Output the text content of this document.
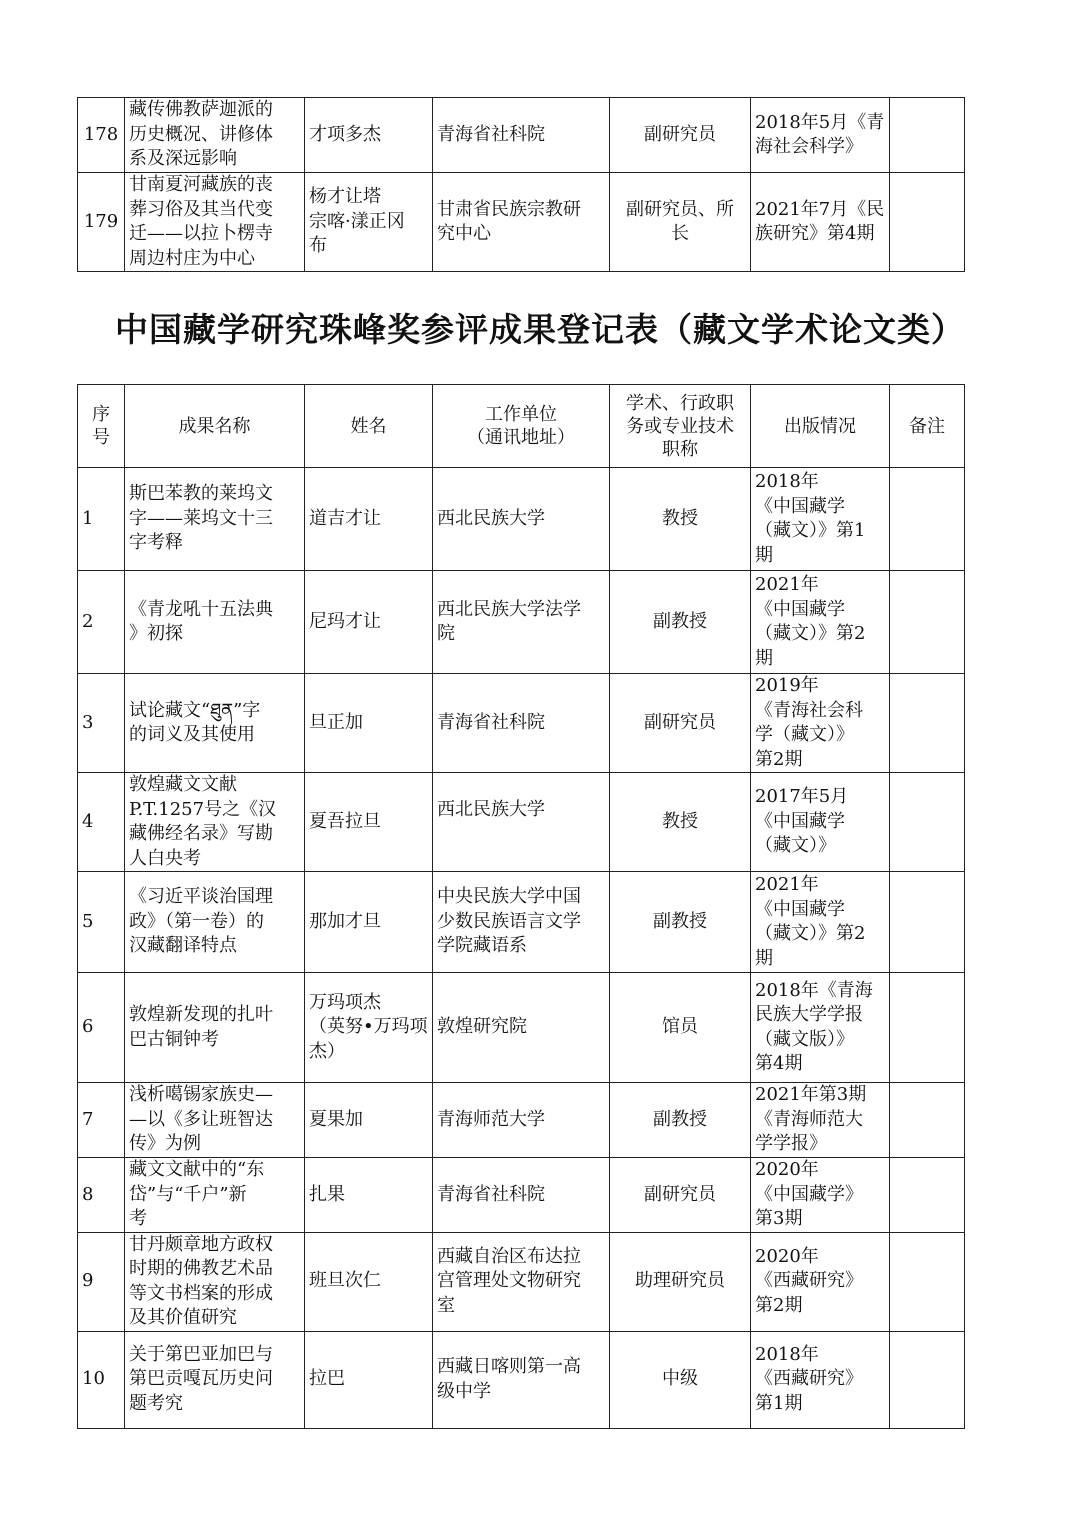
178	藏传佛教萨迦派的
历史概况、讲修体
系及深远影响	才项多杰	青海省社科院	副研究员	2018年5月《青
海社会科学》	
179	甘南夏河藏族的丧
葬习俗及其当代变
迁——以拉卜楞寺
周边村庄为中心	杨才让塔
宗喀·漾正冈
布	甘肃省民族宗教研
究中心	副研究员、所
长	2021年7月《民
族研究》第4期	
中国藏学研究珠峰奖参评成果登记表（藏文学术论文类）
序
号	成果名称	姓名	工作单位
（通讯地址）	学术、行政职
务或专业技术
职称	出版情况	备注
1	斯巴苯教的莱坞文
字——莱坞文十三
字考释	道吉才让	西北民族大学	教授	2018年
《中国藏学
（藏文）》第1
期	
2	《青龙吼十五法典
》初探	尼玛才让	西北民族大学法学
院	副教授	2021年
《中国藏学
（藏文）》第2
期	
3	试论藏文“ཐུན”字
的词义及其使用	旦正加	青海省社科院	副研究员	2019年
《青海社会科
学（藏文）》
第2期	
4	敦煌藏文文献
P.T.1257号之《汉
藏佛经名录》写勘
人白央考	夏吾拉旦	西北民族大学	教授	2017年5月
《中国藏学
（藏文）》

5	《习近平谈治国理
政》（第一卷）的
汉藏翻译特点	那加才旦	中央民族大学中国
少数民族语言文学
学院藏语系	副教授	2021年
《中国藏学
（藏文）》第2
期	
6	敦煌新发现的扎叶
巴古铜钟考	万玛项杰
（英努•万玛项
杰）	敦煌研究院	馆员	2018年《青海
民族大学学报
（藏文版）》
第4期	
7	浅析噶锡家族史—
—以《多让班智达
传》为例	夏果加	青海师范大学	副教授	2021年第3期
《青海师范大
学学报》	
8	藏文文献中的“东
岱”与“千户”新
考	扎果	青海省社科院	副研究员	2020年
《中国藏学》
第3期	
9	甘丹颇章地方政权
时期的佛教艺术品
等文书档案的形成
及其价值研究	班旦次仁	西藏自治区布达拉
宫管理处文物研究
室	助理研究员	2020年
《西藏研究》
第2期	
10	关于第巴亚加巴与
第巴贡嘎瓦历史问
题考究	拉巴	西藏日喀则第一高
级中学	中级	2018年
《西藏研究》
第1期	
